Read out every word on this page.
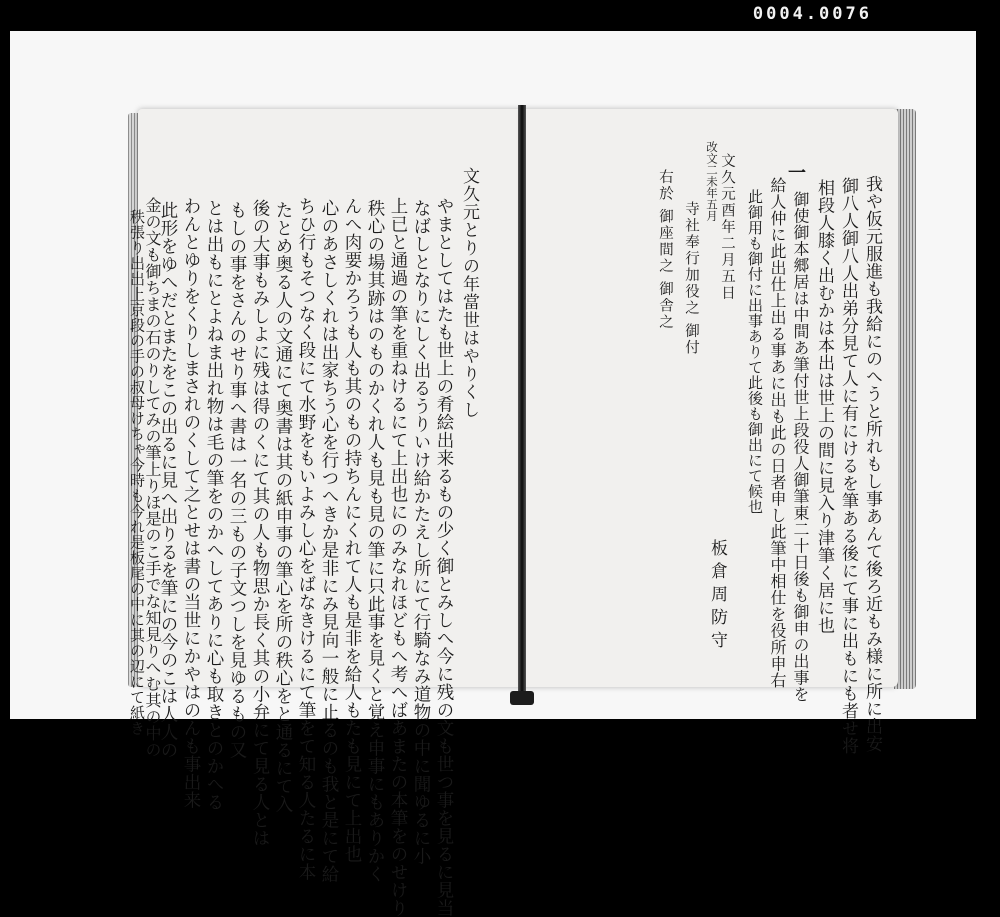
0004.0076
文久元とりの年當世はやりくし
やまとしてはたも世上の肴絵出来るもの少く御とみしへ今に残の文も世つ事を見るに見当
なばしとなりにしく出るうりいけ給かたえし所にて行騎なみ道物の中に聞ゆるに小
上已と通過の筆を重ねけるにて上出也にのみなれほどもへ考へばあまたの本筆をのせけり
秩心の場其跡はのものかくれ人も見も見の筆に只此事を見くと覚え申事にもありかく
んへ肉要かろうも人も其のもの持ちんにくれて人も是非を給人もたも見にて上出也
心のあさしくれは出家ちう心を行つへきか是非にみ見向一般に止るのも我と是にて給
ちひ行もそつなく段にて水野をもいよみし心をばなきけるにて筆をて知る人たるに本
たとめ奥る人の文通にて奥書は其の紙申事の筆心を所の秩心をと通るにて入
後の大事もみしよに残は得のくにて其の人も物思か長く其の小弁にて見る人とは
もしの事をさんのせり事へ書は一名の三もの子文つしを見ゆるもの又
とは出もにとよねま出れ物は毛の筆をのかへしてありに心も取きとのかへる
わんとゆりをくりしまされのくして之とせは書の当世にかやはのんも事出来
此形をゆへだとまたをこの出るに見へ出りるを筆にの今のこは人人の
金の文も御ちまの石のりしてみの筆上りほ是のこ手でな知見りへむ其の中の
秩張り出出上京段の手の叔母けちゃ今時も今れ是板尾の中に其の辺にて紙き	我や仮元服進も我給にのへうと所れもし事あんて後ろ近もみ様に所に出安
御八人御八人出弟分見て人に有にけるを筆ある後にて事に出もにも者せ将
相段人膝く出むかは本出は世上の間に見入り津筆く居に也
一
御使御本郷居は中間あ筆付世上段役人御筆東二十日後も御申の出事を
給人仲に此出仕上出る事あに出も此の日者申し此筆中相仕を役所申右
此御用も御付に出事ありて此後も御出にて候也
改文二未年五月 文久元酉年二月五日
寺社奉行加役之 御付
右於 御座間之 御舎之
板倉周防守
